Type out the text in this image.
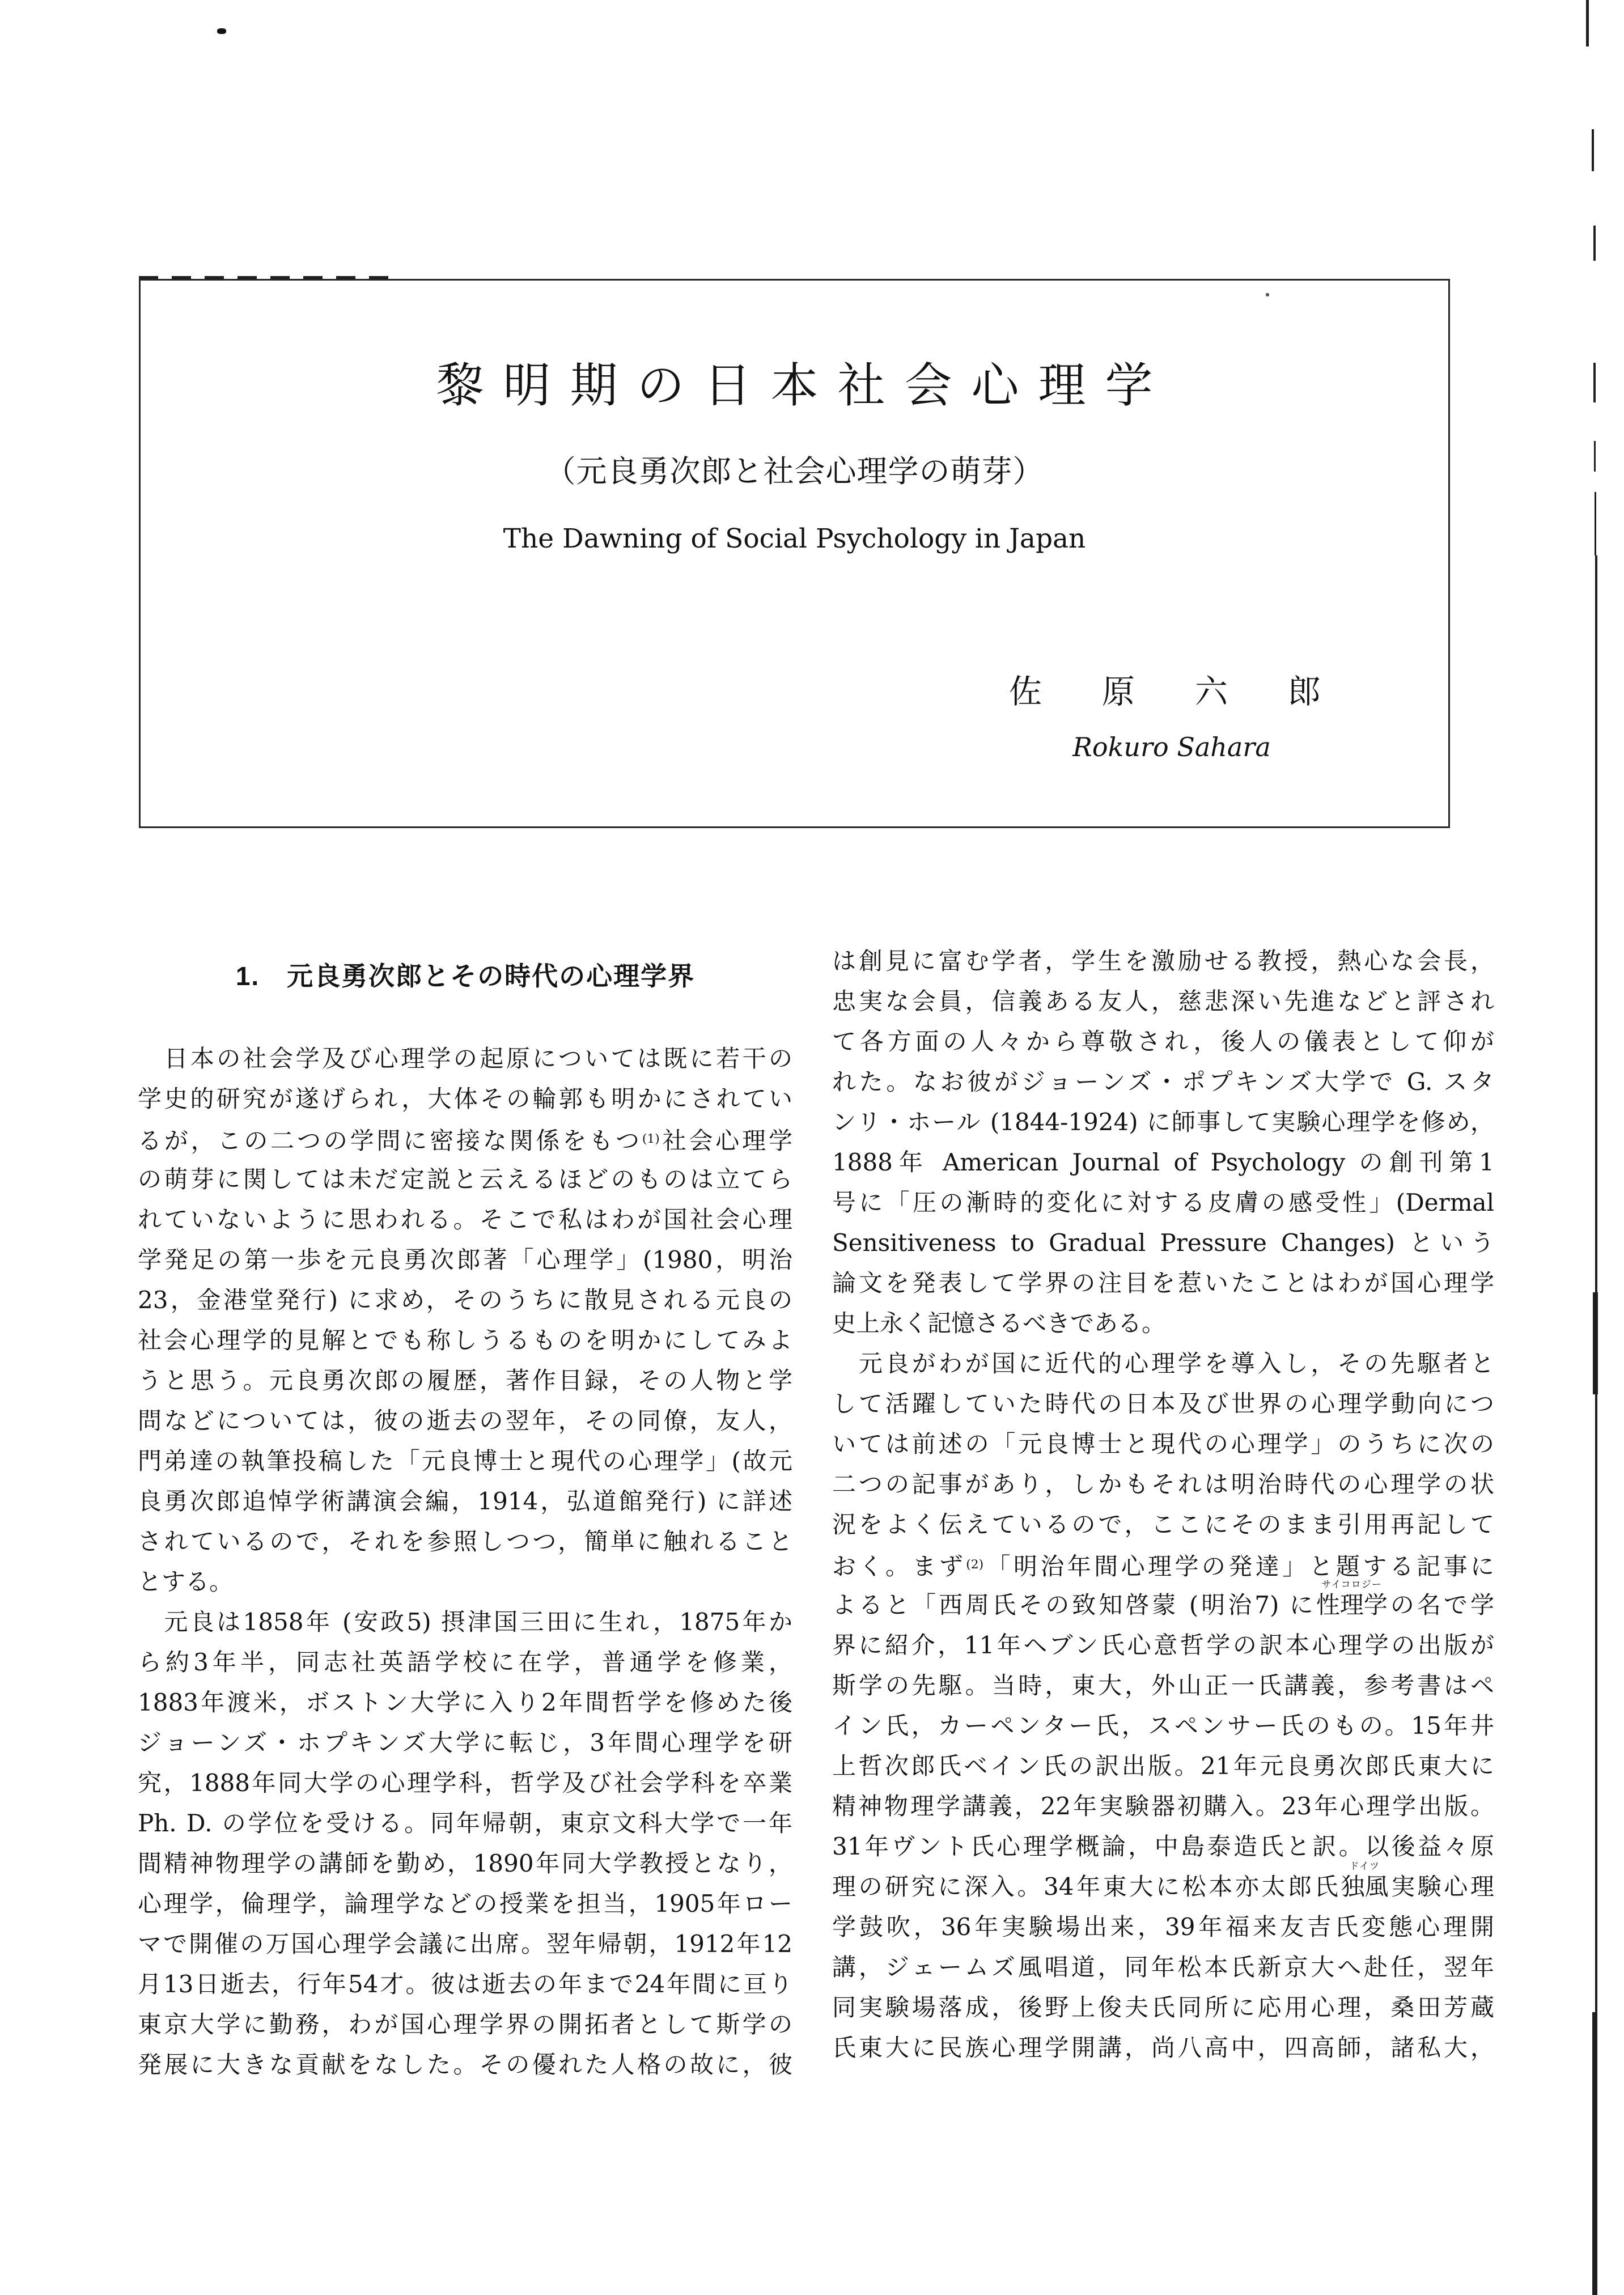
黎明期の日本社会心理学
（元良勇次郎と社会心理学の萌芽）
The Dawning of Social Psychology in Japan
佐　原　六　郎
Rokuro Sahara
1.　元良勇次郎とその時代の心理学界
　日本の社会学及び心理学の起原については既に若干の
学史的研究が遂げられ，大体その輪郭も明かにされてい
るが，この二つの学問に密接な関係をもつ$^{(1)}$社会心理学
の萌芽に関しては未だ定説と云えるほどのものは立てら
れていないように思われる。そこで私はわが国社会心理
学発足の第一歩を元良勇次郎著「心理学」(1980，明治
23，金港堂発行) に求め，そのうちに散見される元良の
社会心理学的見解とでも称しうるものを明かにしてみよ
うと思う。元良勇次郎の履歴，著作目録，その人物と学
問などについては，彼の逝去の翌年，その同僚，友人，
門弟達の執筆投稿した「元良博士と現代の心理学」(故元
良勇次郎追悼学術講演会編，1914，弘道館発行) に詳述
されているので，それを参照しつつ，簡単に触れること
とする。
　元良は1858年 (安政5) 摂津国三田に生れ，1875年か
ら約3年半，同志社英語学校に在学，普通学を修業，
1883年渡米，ボストン大学に入り2年間哲学を修めた後
ジョーンズ・ホプキンズ大学に転じ，3年間心理学を研
究，1888年同大学の心理学科，哲学及び社会学科を卒業
Ph. D. の学位を受ける。同年帰朝，東京文科大学で一年
間精神物理学の講師を勤め，1890年同大学教授となり，
心理学，倫理学，論理学などの授業を担当，1905年ロー
マで開催の万国心理学会議に出席。翌年帰朝，1912年12
月13日逝去，行年54才。彼は逝去の年まで24年間に亘り
東京大学に勤務，わが国心理学界の開拓者として斯学の
発展に大きな貢献をなした。その優れた人格の故に，彼
は創見に富む学者，学生を激励せる教授，熱心な会長，
忠実な会員，信義ある友人，慈悲深い先進などと評され
て各方面の人々から尊敬され，後人の儀表として仰が
れた。なお彼がジョーンズ・ポプキンズ大学で G. スタ
ンリ・ホール (1844-1924) に師事して実験心理学を修め，
1888年 American Journal of Psychology の創刊第1
号に「圧の漸時的変化に対する皮膚の感受性」(Dermal
Sensitiveness to Gradual Pressure Changes) という
論文を発表して学界の注目を惹いたことはわが国心理学
史上永く記憶さるべきである。
　元良がわが国に近代的心理学を導入し，その先駆者と
して活躍していた時代の日本及び世界の心理学動向につ
いては前述の「元良博士と現代の心理学」のうちに次の
二つの記事があり，しかもそれは明治時代の心理学の状
況をよく伝えているので，ここにそのまま引用再記して
おく。まず$^{(2)}$「明治年間心理学の発達」と題する記事に
よると「西周氏その致知啓蒙 (明治7) に性理学
サイコロジー
の名で学
界に紹介，11年ヘブン氏心意哲学の訳本心理学の出版が
斯学の先駆。当時，東大，外山正一氏講義，参考書はペ
イン氏，カーペンター氏，スペンサー氏のもの。15年井
上哲次郎氏ベイン氏の訳出版。21年元良勇次郎氏東大に
精神物理学講義，22年実験器初購入。23年心理学出版。
31年ヴント氏心理学概論，中島泰造氏と訳。以後益々原
理の研究に深入。34年東大に松本亦太郎氏独風
ドイツ
実験心理
学鼓吹，36年実験場出来，39年福来友吉氏変態心理開
講，ジェームズ風唱道，同年松本氏新京大へ赴任，翌年
同実験場落成，後野上俊夫氏同所に応用心理，桑田芳蔵
氏東大に民族心理学開講，尚八高中，四高師，諸私大，
